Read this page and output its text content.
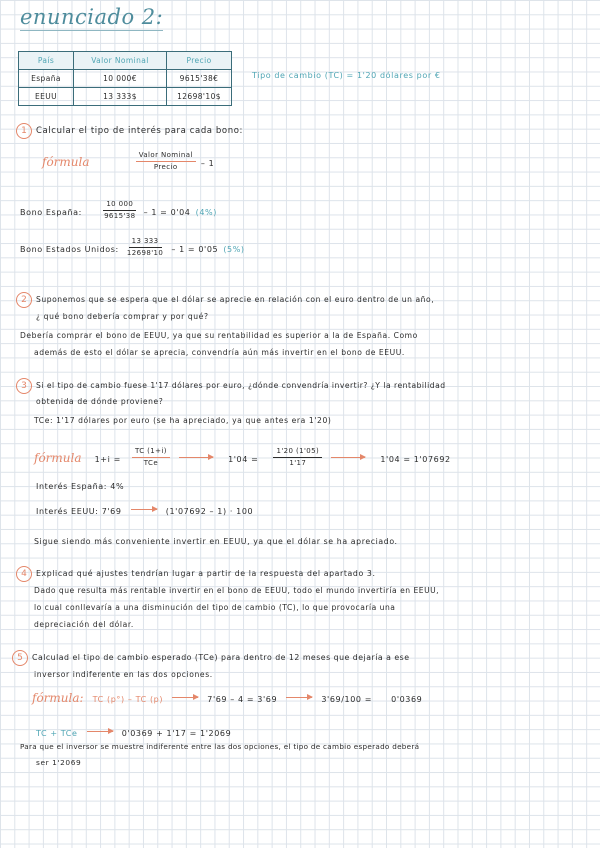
enunciado 2:
País	Valor Nominal	Precio
España	10 000€	9615'38€
EEUU	13 333$	12698'10$
Tipo de cambio (TC) = 1'20 dólares por €
1	Calcular el tipo de interés para cada bono:
fórmula	$\frac{\text{Valor Nominal}}{\text{Precio}} - 1$
Bono España:	$\frac{10 000}{9615'38} - 1 = 0'04$ (4%)
Bono Estados Unidos: $\frac{13 333}{12698'10} - 1 = 0'05$ (5%)
2	Suponemos que se espera que el dólar se aprecie en relación con el euro dentro de un año,
¿ qué bono debería comprar y por qué?
Debería comprar el bono de EEUU, ya que su rentabilidad es superior a la de España. Como
además de esto el dólar se aprecia, convendría aún más invertir en el bono de EEUU.
3	Si el tipo de cambio fuese 1'17 dólares por euro, ¿dónde convendría invertir? ¿Y la rentabilidad
obtenida de dónde proviene?
TCe: 1'17 dólares por euro (se ha apreciado, ya que antes era 1'20)
fórmula $1+i = \frac{TC (1+i)}{\text{TCe}}$	$1'04 = \frac{1'20 (1'05)}{1'17}$	1'04 = 1'07692
Interés España: 4%
Interés EEUU: 7'69	(1'07692 – 1) · 100
Sigue siendo más conveniente invertir en EEUU, ya que el dólar se ha apreciado.
4	Explicad qué ajustes tendrían lugar a partir de la respuesta del apartado 3.
Dado que resulta más rentable invertir en el bono de EEUU, todo el mundo invertiría en EEUU,
lo cual conllevaría a una disminución del tipo de cambio (TC), lo que provocaría una
depreciación del dólar.
5	Calculad el tipo de cambio esperado (TCe) para dentro de 12 meses que dejaría a ese
inversor indiferente en las dos opciones.
fórmula: TC (p°) – TC (p)	7'69 – 4 = 3'69	3'69/100 = 0'0369
TC + TCe	0'0369 + 1'17 = 1'2069
Para que el inversor se muestre indiferente entre las dos opciones, el tipo de cambio esperado deberá
ser 1'2069
